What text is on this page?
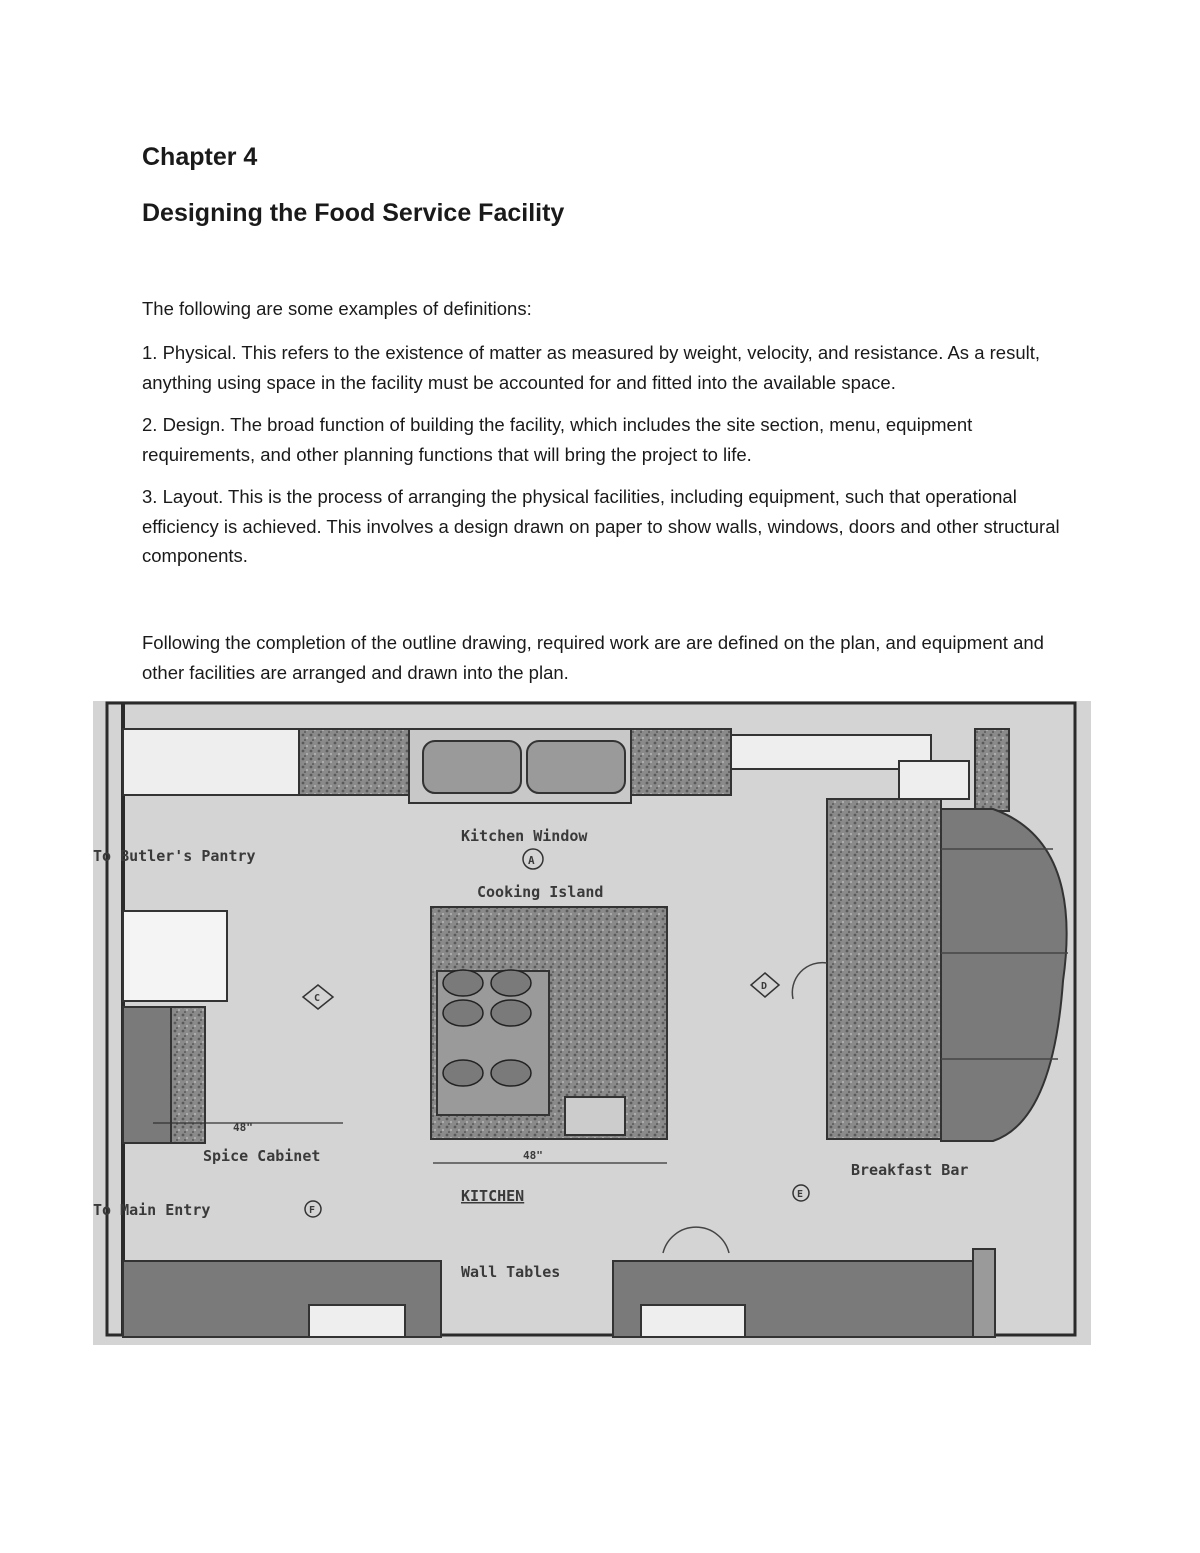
Chapter 4
Designing the Food Service Facility

The following are some examples of definitions:

1. Physical. This refers to the existence of matter as measured by weight, velocity, and resistance. As a result, anything using space in the facility must be accounted for and fitted into the available space.

2. Design. The broad function of building the facility, which includes the site section, menu, equipment requirements, and other planning functions that will bring the project to life.

3. Layout. This is the process of arranging the physical facilities, including equipment, such that operational efficiency is achieved. This involves a design drawn on paper to show walls, windows, doors and other structural components.

Following the completion of the outline drawing, required work are are defined on the plan, and equipment and other facilities are arranged and drawn into the plan.

48"
48"
A
C
D
E
F
Kitchen Window
Cooking Island
To Butler's Pantry
Spice Cabinet
To Main Entry
KITCHEN
Breakfast Bar
Wall Tables
